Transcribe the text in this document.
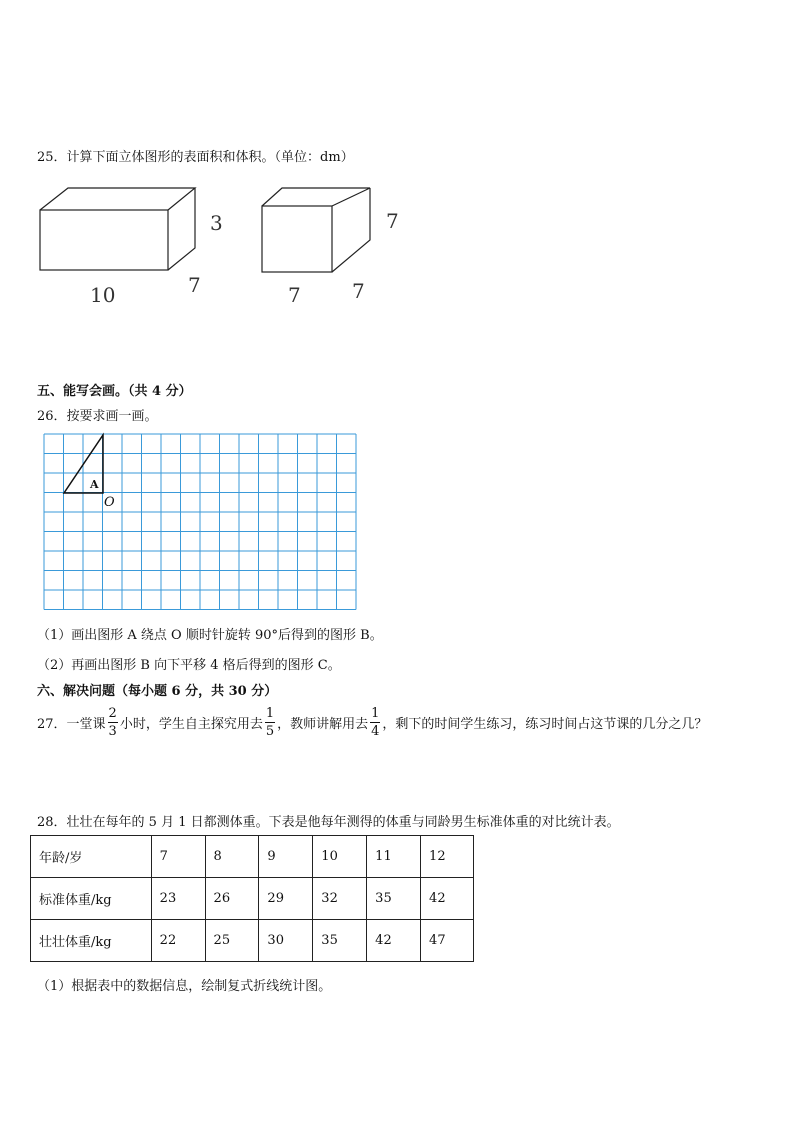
25．计算下面立体图形的表面积和体积。（单位：dm）
3
10	7
7
7	7
五、能写会画。（共 4 分）
26．按要求画一画。
A
O
（1）画出图形 A 绕点 O 顺时针旋转 90°后得到的图形 B。
（2）再画出图形 B 向下平移 4 格后得到的图形 C。
六、解决问题（每小题 6 分，共 30 分）
27．一堂课 $\frac{2}{3}$ 小时，学生自主探究用去 $\frac{1}{5}$ ，教师讲解用去 $\frac{1}{4}$ ，剩下的时间学生练习，练习时间占这节课的几分之几？
28．壮壮在每年的 5 月 1 日都测体重。下表是他每年测得的体重与同龄男生标准体重的对比统计表。
年龄/岁	7	8	9	10	11	12
标准体重/kg	23	26	29	32	35	42
壮壮体重/kg	22	25	30	35	42	47
（1）根据表中的数据信息，绘制复式折线统计图。
